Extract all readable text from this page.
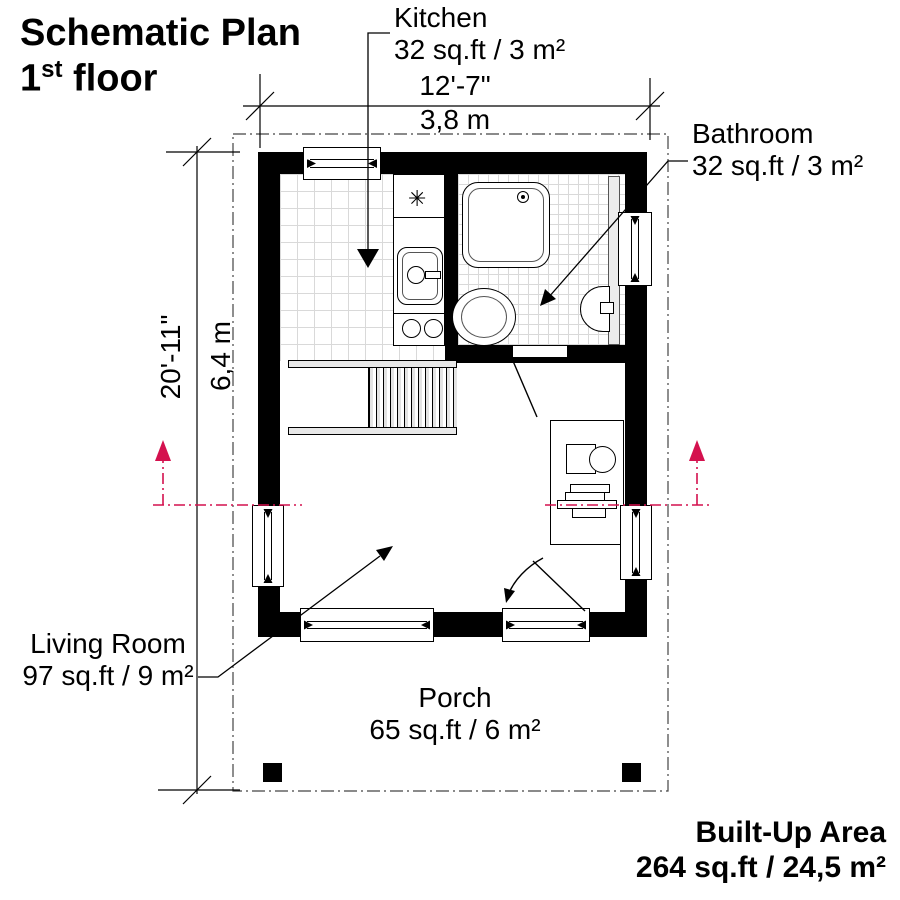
Schematic Plan
1st floor
Kitchen
32 sq.ft / 3 m²
Bathroom
32 sq.ft / 3 m²
Living Room
97 sq.ft / 9 m²
Porch
65 sq.ft / 6 m²
12'-7"
3,8 m
20'-11" 6,4 m
Built-Up Area
264 sq.ft / 24,5 m²
✳
